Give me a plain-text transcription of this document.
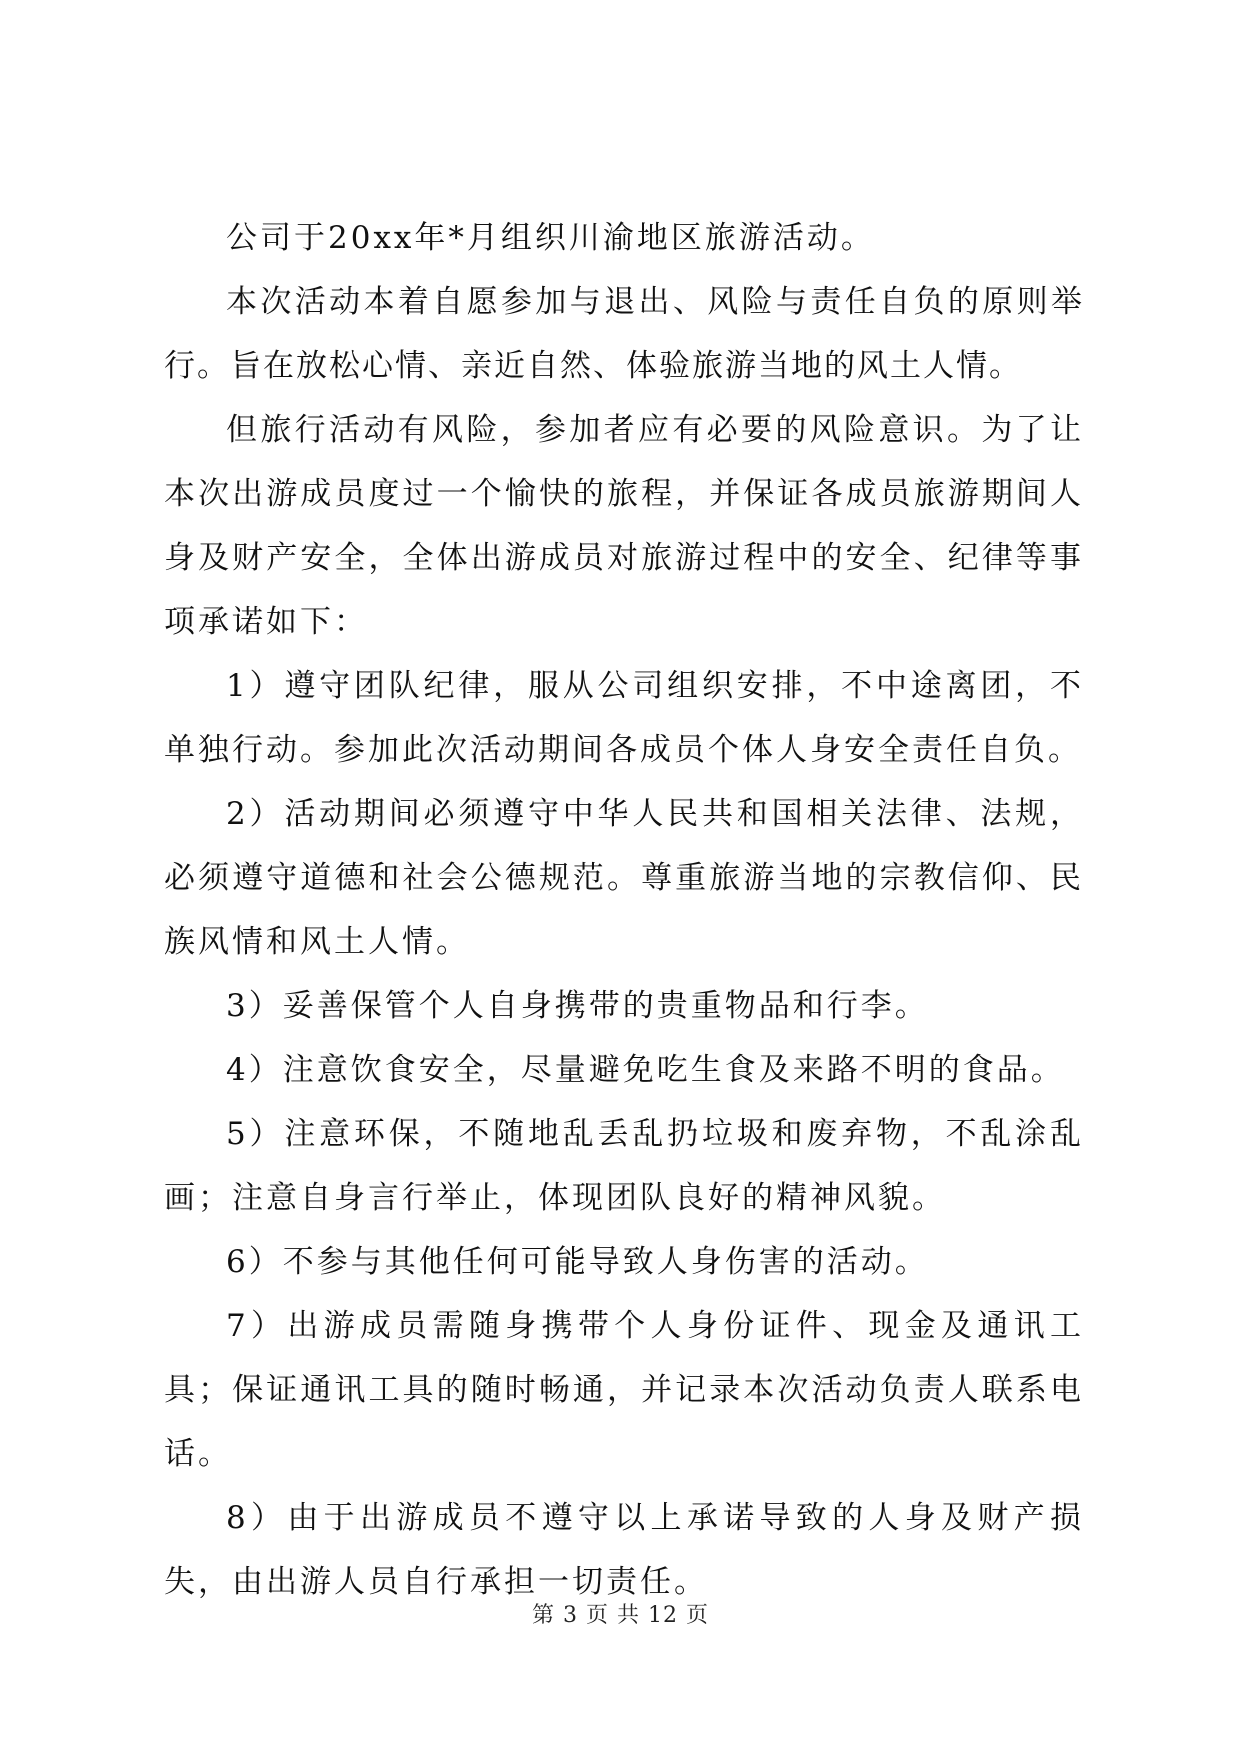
公司于20xx年*月组织川渝地区旅游活动。

本次活动本着自愿参加与退出、风险与责任自负的原则举行。旨在放松心情、亲近自然、体验旅游当地的风土人情。

但旅行活动有风险，参加者应有必要的风险意识。为了让本次出游成员度过一个愉快的旅程，并保证各成员旅游期间人身及财产安全，全体出游成员对旅游过程中的安全、纪律等事项承诺如下：

1）遵守团队纪律，服从公司组织安排，不中途离团，不单独行动。参加此次活动期间各成员个体人身安全责任自负。

2）活动期间必须遵守中华人民共和国相关法律、法规，必须遵守道德和社会公德规范。尊重旅游当地的宗教信仰、民族风情和风土人情。

3）妥善保管个人自身携带的贵重物品和行李。

4）注意饮食安全，尽量避免吃生食及来路不明的食品。

5）注意环保，不随地乱丢乱扔垃圾和废弃物，不乱涂乱画；注意自身言行举止，体现团队良好的精神风貌。

6）不参与其他任何可能导致人身伤害的活动。

7）出游成员需随身携带个人身份证件、现金及通讯工具；保证通讯工具的随时畅通，并记录本次活动负责人联系电话。

8）由于出游成员不遵守以上承诺导致的人身及财产损失，由出游人员自行承担一切责任。

第 3 页 共 12 页
